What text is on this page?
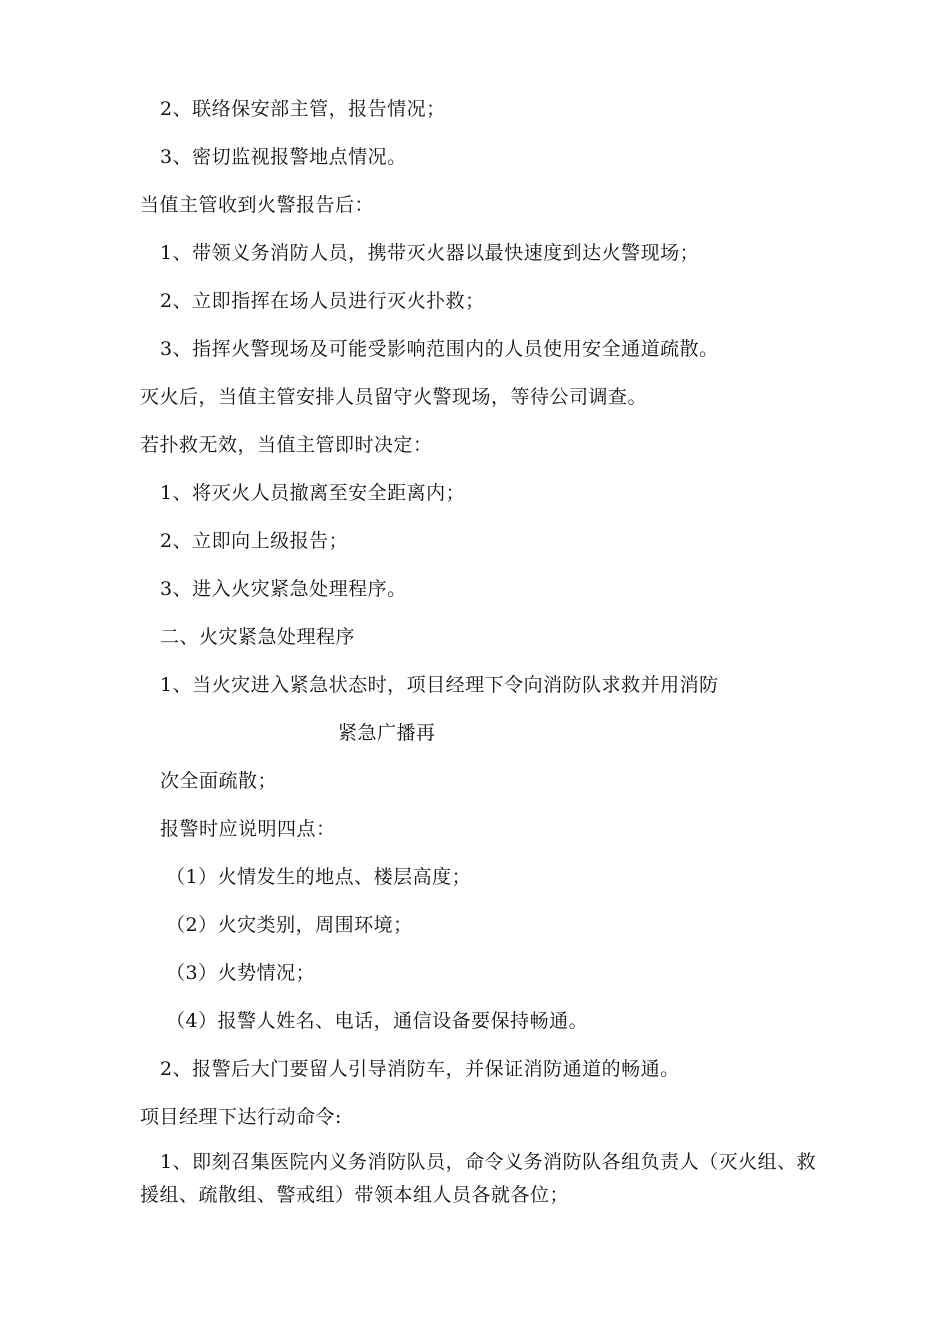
2、联络保安部主管，报告情况；
3、密切监视报警地点情况。
当值主管收到火警报告后：
1、带领义务消防人员，携带灭火器以最快速度到达火警现场；
2、立即指挥在场人员进行灭火扑救；
3、指挥火警现场及可能受影响范围内的人员使用安全通道疏散。
灭火后，当值主管安排人员留守火警现场，等待公司调查。
若扑救无效，当值主管即时决定：
1、将灭火人员撤离至安全距离内；
2、立即向上级报告；
3、进入火灾紧急处理程序。
二、火灾紧急处理程序
1、当火灾进入紧急状态时，项目经理下令向消防队求救并用消防
紧急广播再
次全面疏散；
报警时应说明四点：
（1）火情发生的地点、楼层高度；
（2）火灾类别，周围环境；
（3）火势情况；
（4）报警人姓名、电话，通信设备要保持畅通。
2、报警后大门要留人引导消防车，并保证消防通道的畅通。
项目经理下达行动命令:
1、即刻召集医院内义务消防队员，命令义务消防队各组负责人（灭火组、救援组、疏散组、警戒组）带领本组人员各就各位；
